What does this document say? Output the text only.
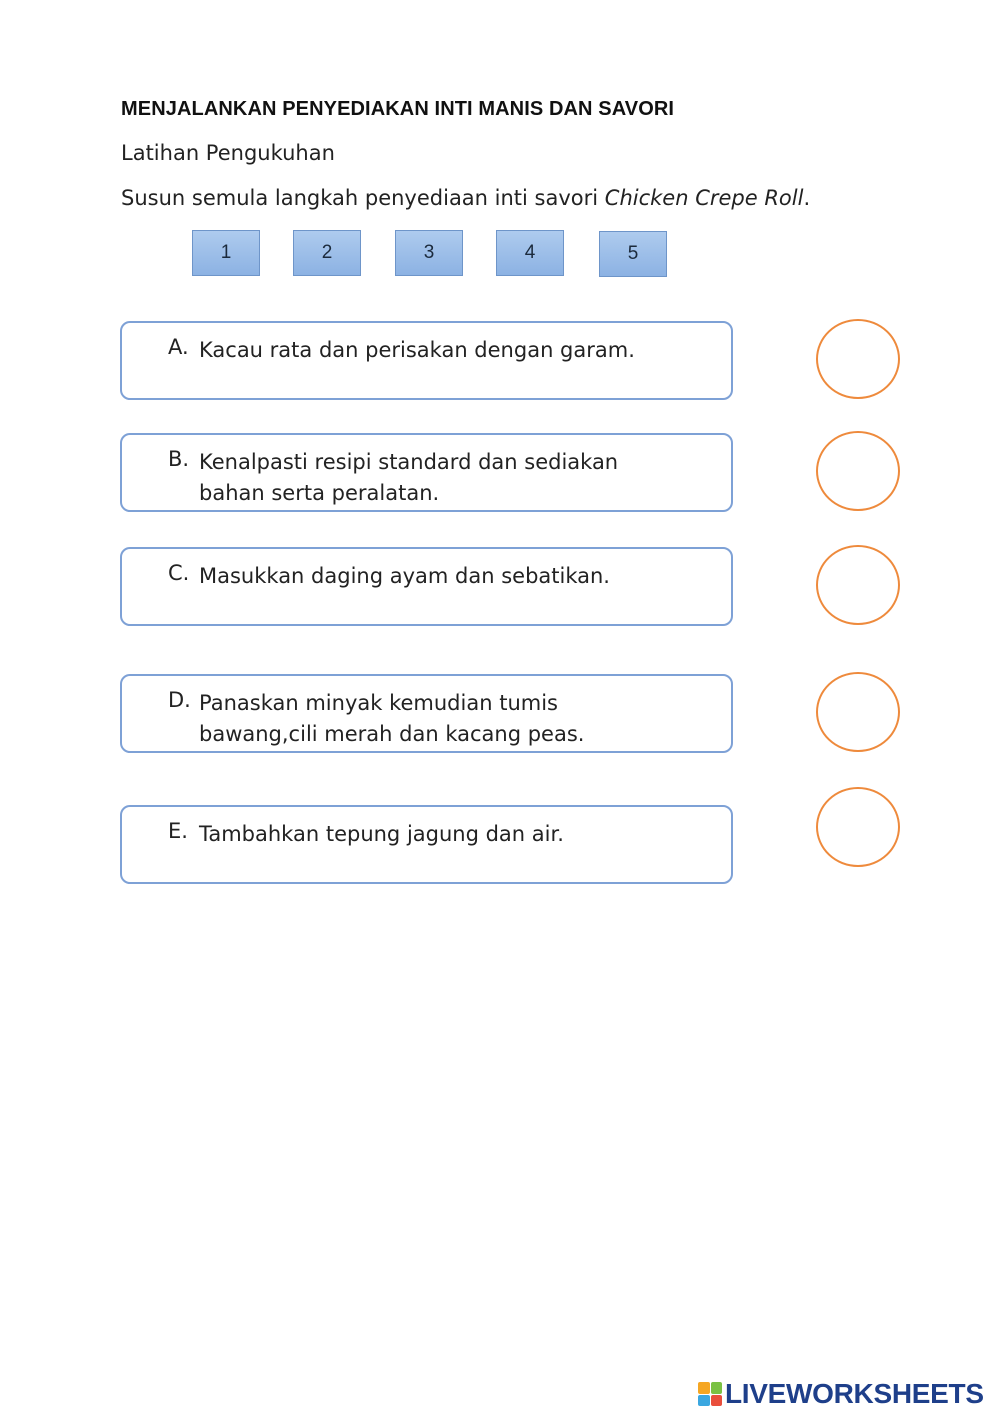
MENJALANKAN PENYEDIAKAN INTI MANIS DAN SAVORI
Latihan Pengukuhan
Susun semula langkah penyediaan inti savori Chicken Crepe Roll.
1	2	3	4	5
A. Kacau rata dan perisakan dengan garam.
B. Kenalpasti resipi standard dan sediakan bahan serta peralatan.
C. Masukkan daging ayam dan sebatikan.
D. Panaskan minyak kemudian tumis bawang,cili merah dan kacang peas.
E. Tambahkan tepung jagung dan air.
LIVEWORKSHEETS
